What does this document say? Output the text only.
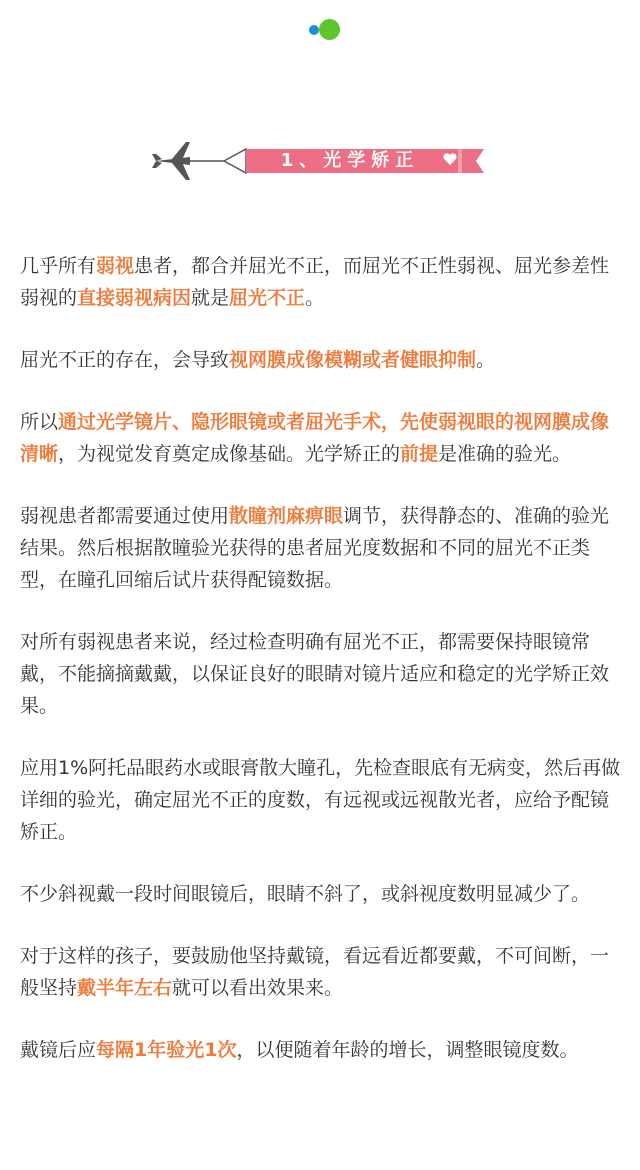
1、光学矫正

几乎所有弱视患者，都合并屈光不正，而屈光不正性弱视、屈光参差性弱视的直接弱视病因就是屈光不正。

屈光不正的存在，会导致视网膜成像模糊或者健眼抑制。

所以通过光学镜片、隐形眼镜或者屈光手术，先使弱视眼的视网膜成像清晰，为视觉发育奠定成像基础。光学矫正的前提是准确的验光。

弱视患者都需要通过使用散瞳剂麻痹眼调节，获得静态的、准确的验光结果。然后根据散瞳验光获得的患者屈光度数据和不同的屈光不正类型，在瞳孔回缩后试片获得配镜数据。

对所有弱视患者来说，经过检查明确有屈光不正，都需要保持眼镜常戴，不能摘摘戴戴，以保证良好的眼睛对镜片适应和稳定的光学矫正效果。

应用1%阿托品眼药水或眼膏散大瞳孔，先检查眼底有无病变，然后再做详细的验光，确定屈光不正的度数，有远视或远视散光者，应给予配镜矫正。

不少斜视戴一段时间眼镜后，眼睛不斜了，或斜视度数明显减少了。

对于这样的孩子，要鼓励他坚持戴镜，看远看近都要戴，不可间断，一般坚持戴半年左右就可以看出效果来。

戴镜后应每隔1年验光1次，以便随着年龄的增长，调整眼镜度数。
